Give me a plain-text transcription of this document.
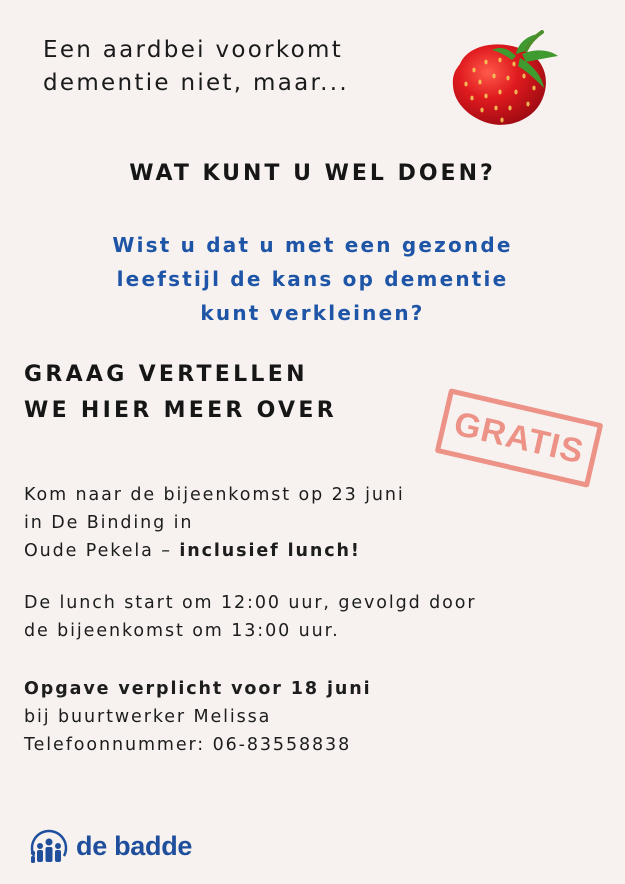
Een aardbei voorkomt
dementie niet, maar...
WAT KUNT U WEL DOEN?
Wist u dat u met een gezonde
leefstijl de kans op dementie
kunt verkleinen?
GRAAG VERTELLEN
WE HIER MEER OVER	GRATIS
Kom naar de bijeenkomst op 23 juni
in De Binding in
Oude Pekela – inclusief lunch!
De lunch start om 12:00 uur, gevolgd door
de bijeenkomst om 13:00 uur.
Opgave verplicht voor 18 juni
bij buurtwerker Melissa
Telefoonnummer: 06-83558838
de badde
